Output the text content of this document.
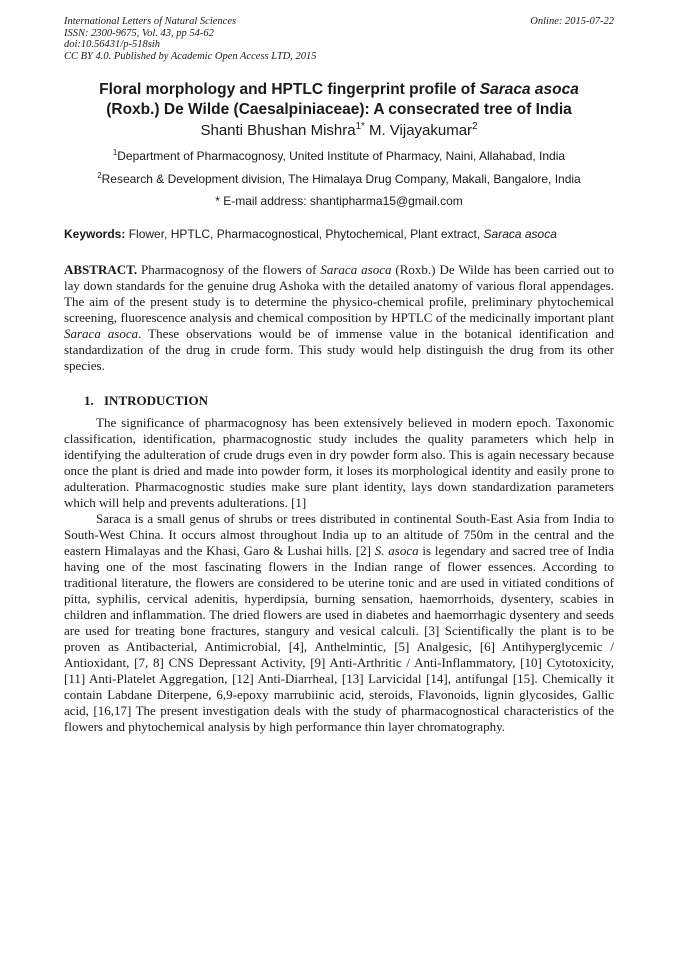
International Letters of Natural Sciences
ISSN: 2300-9675, Vol. 43, pp 54-62
doi:10.56431/p-518sih
CC BY 4.0. Published by Academic Open Access LTD, 2015
Online: 2015-07-22
Floral morphology and HPTLC fingerprint profile of Saraca asoca
(Roxb.) De Wilde (Caesalpiniaceae): A consecrated tree of India
Shanti Bhushan Mishra$^{1*}$ M. Vijayakumar$^2$
$^1$Department of Pharmacognosy, United Institute of Pharmacy, Naini, Allahabad, India
$^2$Research & Development division, The Himalaya Drug Company, Makali, Bangalore, India
* E-mail address: shantipharma15@gmail.com
Keywords: Flower, HPTLC, Pharmacognostical, Phytochemical, Plant extract, Saraca asoca

ABSTRACT. Pharmacognosy of the flowers of Saraca asoca (Roxb.) De Wilde has been carried out to lay down standards for the genuine drug Ashoka with the detailed anatomy of various floral appendages. The aim of the present study is to determine the physico-chemical profile, preliminary phytochemical screening, fluorescence analysis and chemical composition by HPTLC of the medicinally important plant Saraca asoca. These observations would be of immense value in the botanical identification and standardization of the drug in crude form. This study would help distinguish the drug from its other species.

1. INTRODUCTION

The significance of pharmacognosy has been extensively believed in modern epoch. Taxonomic classification, identification, pharmacognostic study includes the quality parameters which help in identifying the adulteration of crude drugs even in dry powder form also. This is again necessary because once the plant is dried and made into powder form, it loses its morphological identity and easily prone to adulteration. Pharmacognostic studies make sure plant identity, lays down standardization parameters which will help and prevents adulterations. [1]

Saraca is a small genus of shrubs or trees distributed in continental South-East Asia from India to South-West China. It occurs almost throughout India up to an altitude of 750m in the central and the eastern Himalayas and the Khasi, Garo & Lushai hills. [2] S. asoca is legendary and sacred tree of India having one of the most fascinating flowers in the Indian range of flower essences. According to traditional literature, the flowers are considered to be uterine tonic and are used in vitiated conditions of pitta, syphilis, cervical adenitis, hyperdipsia, burning sensation, haemorrhoids, dysentery, scabies in children and inflammation. The dried flowers are used in diabetes and haemorrhagic dysentery and seeds are used for treating bone fractures, stangury and vesical calculi. [3] Scientifically the plant is to be proven as Antibacterial, Antimicrobial, [4], Anthelmintic, [5] Analgesic, [6] Antihyperglycemic / Antioxidant, [7, 8] CNS Depressant Activity, [9] Anti-Arthritic / Anti-Inflammatory, [10] Cytotoxicity, [11] Anti-Platelet Aggregation, [12] Anti-Diarrheal, [13] Larvicidal [14], antifungal [15]. Chemically it contain Labdane Diterpene, 6,9-epoxy marrubiinic acid, steroids, Flavonoids, lignin glycosides, Gallic acid, [16,17] The present investigation deals with the study of pharmacognostical characteristics of the flowers and phytochemical analysis by high performance thin layer chromatography.
